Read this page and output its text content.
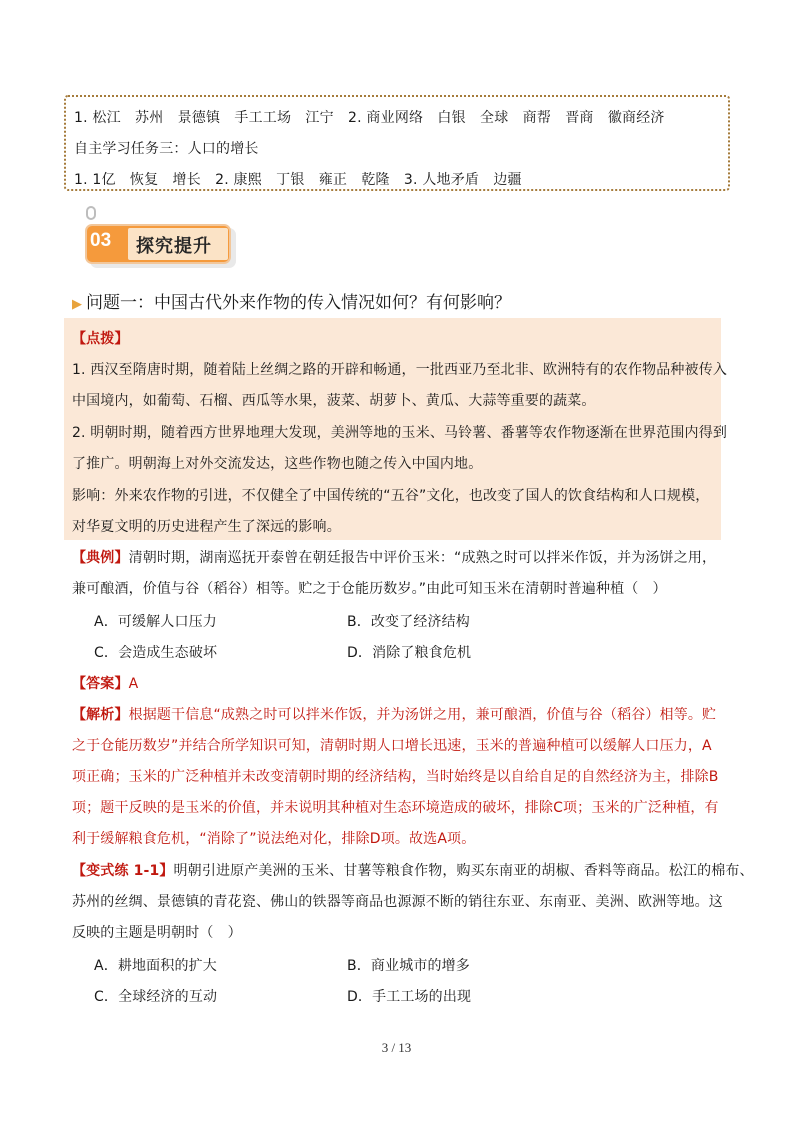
1. 松江　苏州　景德镇　手工工场　江宁　2. 商业网络　白银　全球　商帮　晋商　徽商经济
自主学习任务三：人口的增长
1. 1亿　恢复　增长　2. 康熙　丁银　雍正　乾隆　3. 人地矛盾　边疆
03 探究提升
▶ 问题一：中国古代外来作物的传入情况如何？有何影响？
【点拨】
1. 西汉至隋唐时期，随着陆上丝绸之路的开辟和畅通，一批西亚乃至北非、欧洲特有的农作物品种被传入
中国境内，如葡萄、石榴、西瓜等水果，菠菜、胡萝卜、黄瓜、大蒜等重要的蔬菜。
2. 明朝时期，随着西方世界地理大发现，美洲等地的玉米、马铃薯、番薯等农作物逐渐在世界范围内得到
了推广。明朝海上对外交流发达，这些作物也随之传入中国内地。
影响：外来农作物的引进，不仅健全了中国传统的“五谷”文化，也改变了国人的饮食结构和人口规模，
对华夏文明的历史进程产生了深远的影响。
【典例】清朝时期，湖南巡抚开泰曾在朝廷报告中评价玉米：“成熟之时可以拌米作饭，并为汤饼之用，
兼可酿酒，价值与谷（稻谷）相等。贮之于仓能历数岁。”由此可知玉米在清朝时普遍种植（　）
A．可缓解人口压力	B．改变了经济结构
C．会造成生态破坏	D．消除了粮食危机
【答案】A
【解析】根据题干信息“成熟之时可以拌米作饭，并为汤饼之用，兼可酿酒，价值与谷（稻谷）相等。贮
之于仓能历数岁”并结合所学知识可知，清朝时期人口增长迅速，玉米的普遍种植可以缓解人口压力，A
项正确；玉米的广泛种植并未改变清朝时期的经济结构，当时始终是以自给自足的自然经济为主，排除B
项；题干反映的是玉米的价值，并未说明其种植对生态环境造成的破坏，排除C项；玉米的广泛种植，有
利于缓解粮食危机，“消除了”说法绝对化，排除D项。故选A项。
【变式练 1-1】明朝引进原产美洲的玉米、甘薯等粮食作物，购买东南亚的胡椒、香料等商品。松江的棉布、
苏州的丝绸、景德镇的青花瓷、佛山的铁器等商品也源源不断的销往东亚、东南亚、美洲、欧洲等地。这
反映的主题是明朝时（　）
A．耕地面积的扩大	B．商业城市的增多
C．全球经济的互动	D．手工工场的出现
3 / 13
